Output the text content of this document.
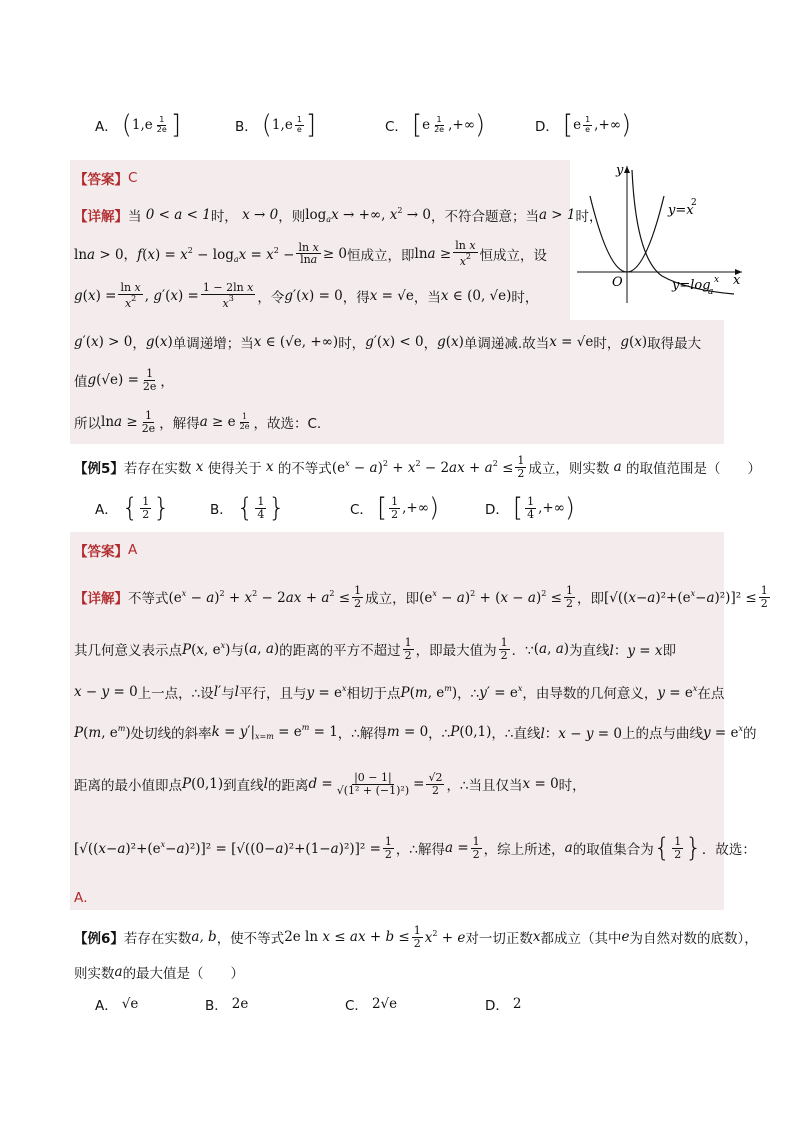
A． ( 1, e $\frac{1}{2e}$ ]	B． ( 1, e $\frac{1}{e}$ ]	C． [ e $\frac{1}{2e}$ ,+∞ )	D． [ e $\frac{1}{e}$ ,+∞ )
y
x
O
y=x
2
y=log
a
x
【答案】 C
【详解】 当 0 < a < 1 时， x → 0 ，则 $\log_ax$ → +∞, $x^2 \to 0$ ，不符合题意；当 a > 1 时，
lna > 0，$f(x) = x^2 - \log_ax = x^2 - \frac{\text{ln x}}{\ln a} \ge 0$ 恒成立，即 $\ln a \ge \frac{\text{ln x}}{x^2}$ 恒成立，设
$g(x) = \frac{\text{ln x}}{x^2}$ , $g'(x) = \frac{\text{1 − 2ln x}}{x^3}$ ，令 g′(x) = 0 ，得 x = √e ，当 x ∈ (0, √e) 时，
g′(x) > 0 ， g(x) 单调递增；当 x ∈ (√e, +∞) 时， g′(x) < 0 ， g(x) 单调递减.故当 x = √e 时， g(x) 取得最大
值 $g(√e) = \frac{1}{2e}$ ，
所以 $\ln a \ge \frac{1}{2e}$ ，解得 a ≥ e $\frac{1}{2e}$ ，故选：C.
【例5】 若存在实数 x 使得关于 x 的不等式 $(e^x - a)^2 + x^2 - 2ax + a^2 \le \frac{1}{2}$ 成立，则实数 a 的取值范围是（　　）
A． { $\frac{1}{2}$ }	B． { $\frac{1}{4}$ }	C． [ $\frac{1}{2}$ ,+∞ )	D． [ $\frac{1}{4}$ ,+∞ )
【答案】 A
【详解】 不等式 $(e^x - a)^2 + x^2 - 2ax + a^2 \le \frac{1}{2}$ 成立，即 $(e^x - a)^2 + (x - a)^2 \le \frac{1}{2}$ ，即 $[√((x-a)^2+(e^x-a)^2)]^2 \le \frac{1}{2}$
其几何意义表示点 P(x, $e^x$) 与 (a, a) 的距离的平方不超过 $\frac{1}{2}$ ，即最大值为 $\frac{1}{2}$ ．∵ (a, a) 为直线 l：y = x 即
x − y = 0 上一点，∴设 l′ 与 l 平行，且与 $y = e^x$ 相切于点 P(m, $e^m$) ，∴ $y' = e^x$ ，由导数的几何意义， $y = e^x$ 在点
P(m, $e^m$) 处切线的斜率 $k = y'|_{x=m} = e^m = 1$ ，∴解得 m = 0 ，∴ P(0,1) ，∴直线 l：x − y = 0 上的点与曲线 $y = e^x$ 的
距离的最小值即点 P(0,1) 到直线 l 的距离 $d = \frac{|0 - 1|}{\text{√(1² + (−1)²)}} = \frac{√2}{2}$ ，∴当且仅当 x = 0 时，
$[√((x-a)^2+(e^x-a)^2)]^2 = [√((0-a)^2+(1-a)^2)]^2 = \frac{1}{2}$ ，∴解得 $a = \frac{1}{2}$ ，综上所述， a 的取值集合为 { $\frac{1}{2}$ } ．故选：
A．
【例6】 若存在实数 a, b ，使不等式 2e ln x ≤ ax + $b \le \frac{1}{2} x^2 + e$ 对一切正数 x 都成立（其中 e 为自然对数的底数），
则实数 a 的最大值是（　　）
A． √e	B． 2e	C． 2√e	D． 2
